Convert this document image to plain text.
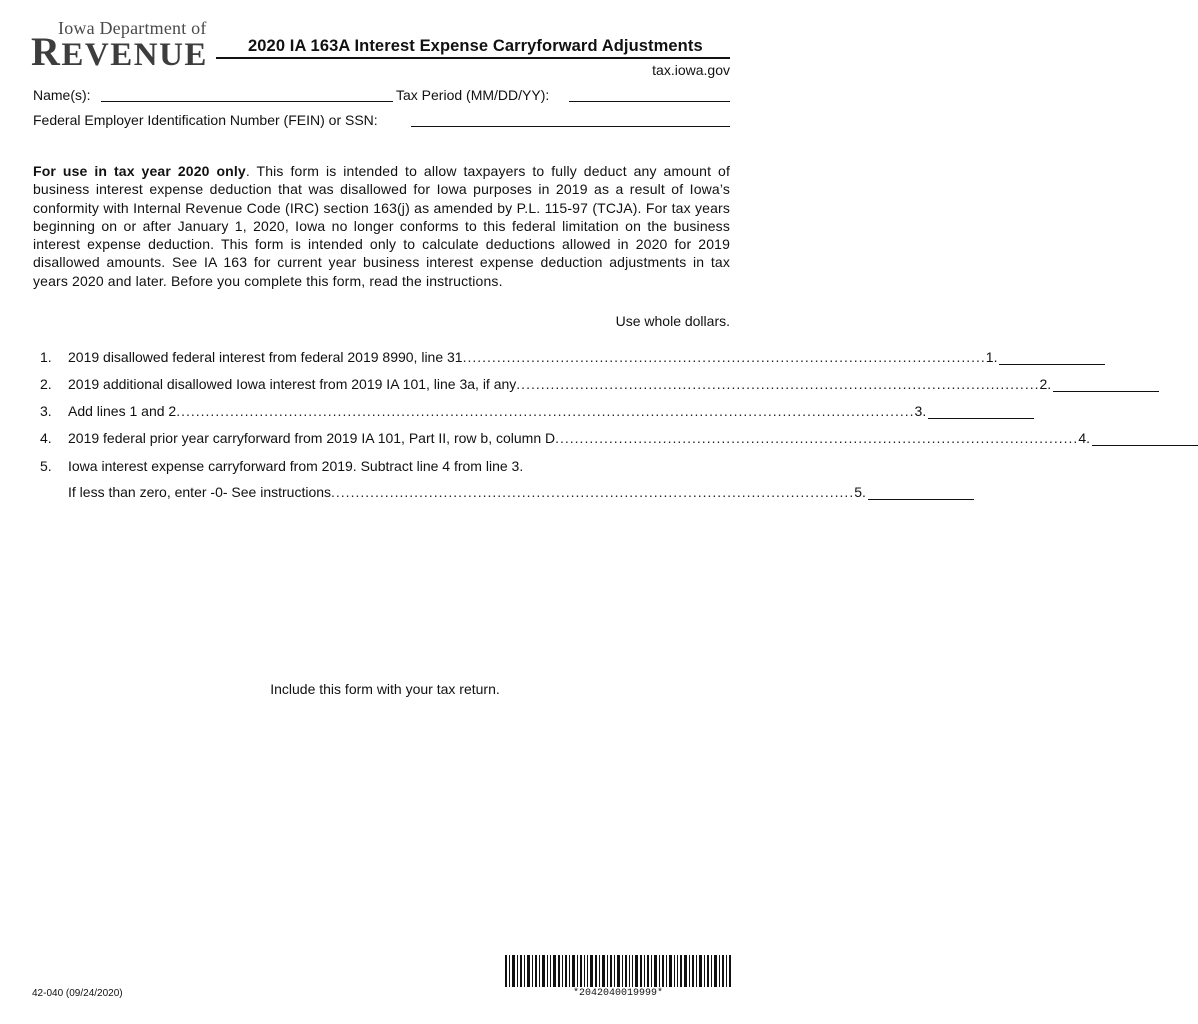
Iowa Department of
REVENUE 2020 IA 163A Interest Expense Carryforward Adjustments
tax.iowa.gov
Name(s):	Tax Period (MM/DD/YY):
Federal Employer Identification Number (FEIN) or SSN:
For use in tax year 2020 only. This form is intended to allow taxpayers to fully deduct any amount of business interest expense deduction that was disallowed for Iowa purposes in 2019 as a result of Iowa’s conformity with Internal Revenue Code (IRC) section 163(j) as amended by P.L. 115-97 (TCJA). For tax years beginning on or after January 1, 2020, Iowa no longer conforms to this federal limitation on the business interest expense deduction. This form is intended only to calculate deductions allowed in 2020 for 2019 disallowed amounts. See IA 163 for current year business interest expense deduction adjustments in tax years 2020 and later. Before you complete this form, read the instructions.
Use whole dollars.
1.	2019 disallowed federal interest from federal 2019 8990, line 31 ........................................................................................................... 1.
2.	2019 additional disallowed Iowa interest from 2019 IA 101, line 3a, if any ........................................................................................................... 2.
3.	Add lines 1 and 2 ....................................................................................................................................................... 3.
4.	2019 federal prior year carryforward from 2019 IA 101, Part II, row b, column D ........................................................................................................... 4.
5.	Iowa interest expense carryforward from 2019. Subtract line 4 from line 3.
If less than zero, enter -0- See instructions ........................................................................................................... 5.
Include this form with your tax return.
42-040 (09/24/2020)	*2042040019999*
